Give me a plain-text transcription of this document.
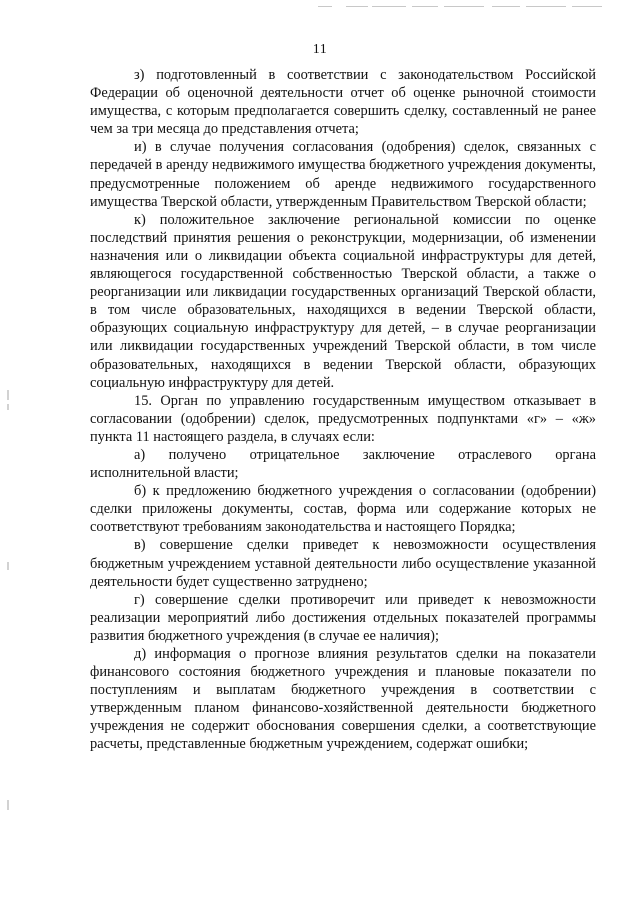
11

з) подготовленный в соответствии с законодательством Российской Федерации об оценочной деятельности отчет об оценке рыночной стоимости имущества, с которым предполагается совершить сделку, составленный не ранее чем за три месяца до представления отчета;

и) в случае получения согласования (одобрения) сделок, связанных с передачей в аренду недвижимого имущества бюджетного учреждения документы, предусмотренные положением об аренде недвижимого государственного имущества Тверской области, утвержденным Правительством Тверской области;

к) положительное заключение региональной комиссии по оценке последствий принятия решения о реконструкции, модернизации, об изменении назначения или о ликвидации объекта социальной инфраструктуры для детей, являющегося государственной собственностью Тверской области, а также о реорганизации или ликвидации государственных организаций Тверской области, в том числе образовательных, находящихся в ведении Тверской области, образующих социальную инфраструктуру для детей, – в случае реорганизации или ликвидации государственных учреждений Тверской области, в том числе образовательных, находящихся в ведении Тверской области, образующих социальную инфраструктуру для детей.

15. Орган по управлению государственным имуществом отказывает в согласовании (одобрении) сделок, предусмотренных подпунктами «г» – «ж» пункта 11 настоящего раздела, в случаях если:

а) получено отрицательное заключение отраслевого органа исполнительной власти;

б) к предложению бюджетного учреждения о согласовании (одобрении) сделки приложены документы, состав, форма или содержание которых не соответствуют требованиям законодательства и настоящего Порядка;

в) совершение сделки приведет к невозможности осуществления бюджетным учреждением уставной деятельности либо осуществление указанной деятельности будет существенно затруднено;

г) совершение сделки противоречит или приведет к невозможности реализации мероприятий либо достижения отдельных показателей программы развития бюджетного учреждения (в случае ее наличия);

д) информация о прогнозе влияния результатов сделки на показатели финансового состояния бюджетного учреждения и плановые показатели по поступлениям и выплатам бюджетного учреждения в соответствии с утвержденным планом финансово-хозяйственной деятельности бюджетного учреждения не содержит обоснования совершения сделки, а соответствующие расчеты, представленные бюджетным учреждением, содержат ошибки;
